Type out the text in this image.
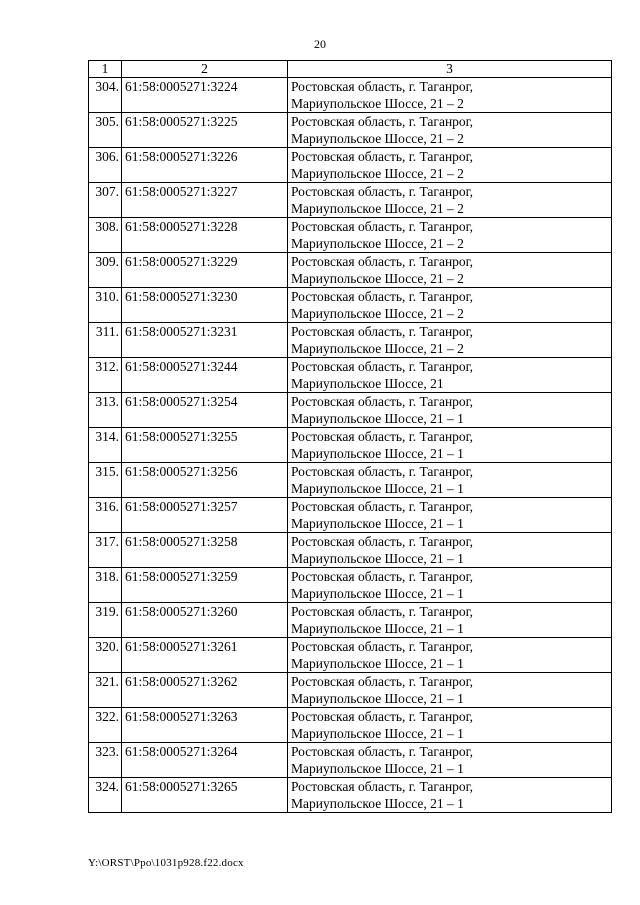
20
1	2	3
304.	61:58:0005271:3224	Ростовская область, г. Таганрог,
Мариупольское Шоссе, 21 – 2

305.	61:58:0005271:3225	Ростовская область, г. Таганрог,
Мариупольское Шоссе, 21 – 2

306.	61:58:0005271:3226	Ростовская область, г. Таганрог,
Мариупольское Шоссе, 21 – 2

307.	61:58:0005271:3227	Ростовская область, г. Таганрог,
Мариупольское Шоссе, 21 – 2

308.	61:58:0005271:3228	Ростовская область, г. Таганрог,
Мариупольское Шоссе, 21 – 2

309.	61:58:0005271:3229	Ростовская область, г. Таганрог,
Мариупольское Шоссе, 21 – 2

310.	61:58:0005271:3230	Ростовская область, г. Таганрог,
Мариупольское Шоссе, 21 – 2

311.	61:58:0005271:3231	Ростовская область, г. Таганрог,
Мариупольское Шоссе, 21 – 2

312.	61:58:0005271:3244	Ростовская область, г. Таганрог,
Мариупольское Шоссе, 21

313.	61:58:0005271:3254	Ростовская область, г. Таганрог,
Мариупольское Шоссе, 21 – 1

314.	61:58:0005271:3255	Ростовская область, г. Таганрог,
Мариупольское Шоссе, 21 – 1

315.	61:58:0005271:3256	Ростовская область, г. Таганрог,
Мариупольское Шоссе, 21 – 1

316.	61:58:0005271:3257	Ростовская область, г. Таганрог,
Мариупольское Шоссе, 21 – 1

317.	61:58:0005271:3258	Ростовская область, г. Таганрог,
Мариупольское Шоссе, 21 – 1

318.	61:58:0005271:3259	Ростовская область, г. Таганрог,
Мариупольское Шоссе, 21 – 1

319.	61:58:0005271:3260	Ростовская область, г. Таганрог,
Мариупольское Шоссе, 21 – 1

320.	61:58:0005271:3261	Ростовская область, г. Таганрог,
Мариупольское Шоссе, 21 – 1

321.	61:58:0005271:3262	Ростовская область, г. Таганрог,
Мариупольское Шоссе, 21 – 1

322.	61:58:0005271:3263	Ростовская область, г. Таганрог,
Мариупольское Шоссе, 21 – 1

323.	61:58:0005271:3264	Ростовская область, г. Таганрог,
Мариупольское Шоссе, 21 – 1

324.	61:58:0005271:3265	Ростовская область, г. Таганрог,
Мариупольское Шоссе, 21 – 1
Y:\ORST\Ppo\1031p928.f22.docx
